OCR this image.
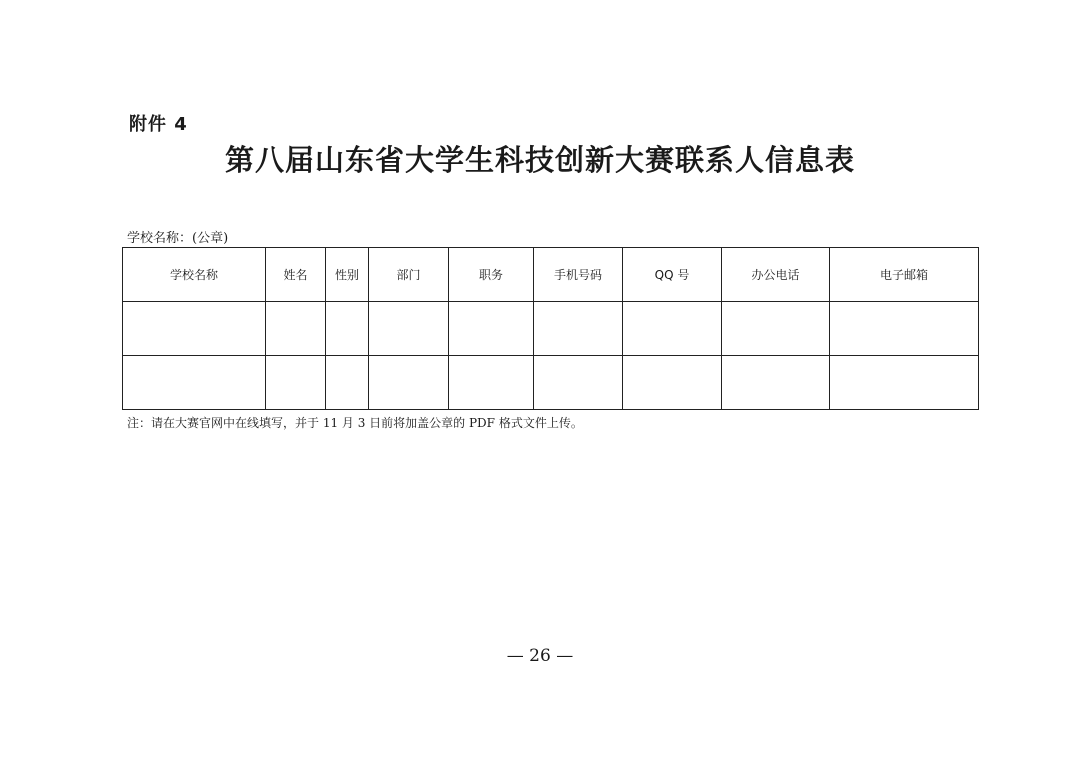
附件 4
第八届山东省大学生科技创新大赛联系人信息表
学校名称：(公章)
学校名称	姓名	性别	部门	职务	手机号码	QQ 号	办公电话	电子邮箱

注：请在大赛官网中在线填写，并于 11 月 3 日前将加盖公章的 PDF 格式文件上传。
— 26 —
